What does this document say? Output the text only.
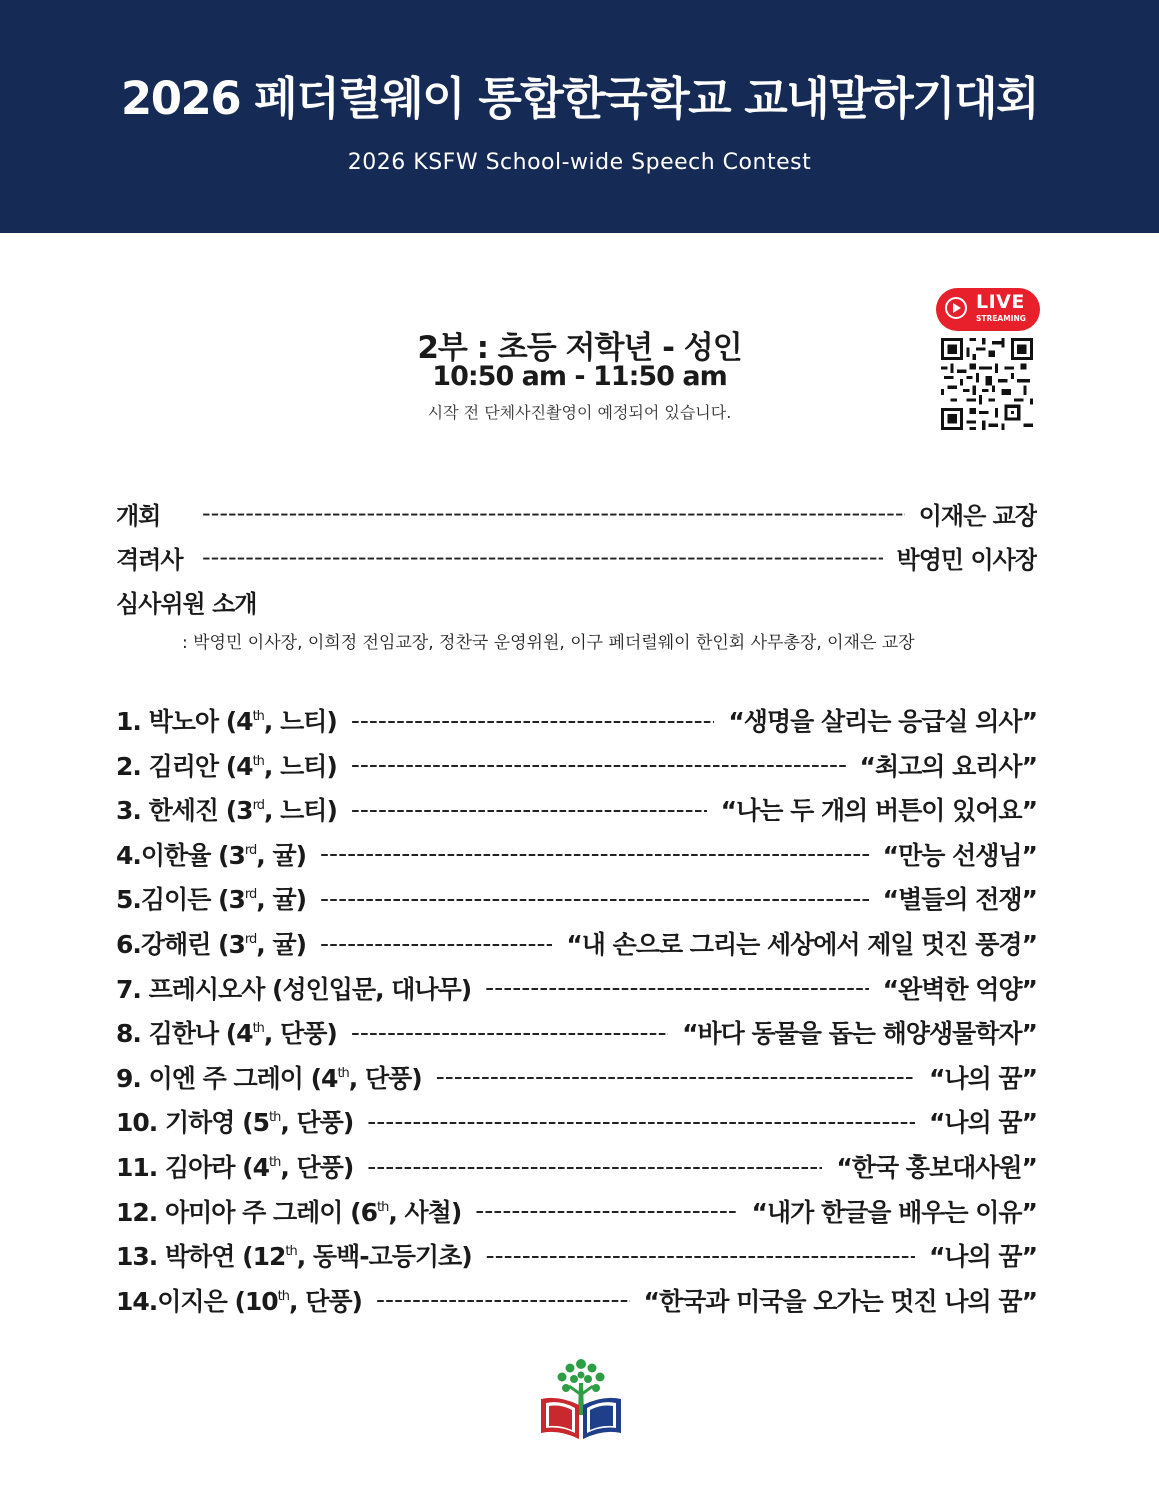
2026 페더럴웨이 통합한국학교 교내말하기대회
2026 KSFW School-wide Speech Contest
2부 : 초등 저학년 - 성인
10:50 am - 11:50 am
시작 전 단체사진촬영이 예정되어 있습니다.
LIVE
STREAMING
개회 -----	이재은 교장
격려사 -----	박영민 이사장
심사위원 소개
: 박영민 이사장, 이희정 전임교장, 정찬국 운영위원, 이구 페더럴웨이 한인회 사무총장, 이재은 교장
1. 박노아 (4th, 느티) -----	“생명을 살리는 응급실 의사”
2. 김리안 (4th, 느티) -----	“최고의 요리사”
3. 한세진 (3rd, 느티) -----	“나는 두 개의 버튼이 있어요”
4.이한율 (3rd, 귤) -----	“만능 선생님”
5.김이든 (3rd, 귤) -----	“별들의 전쟁”
6.강해린 (3rd, 귤) -----	“내 손으로 그리는 세상에서 제일 멋진 풍경”
7. 프레시오사 (성인입문, 대나무) -----	“완벽한 억양”
8. 김한나 (4th, 단풍) -----	“바다 동물을 돕는 해양생물학자”
9. 이엔 주 그레이 (4th, 단풍) -----	“나의 꿈”
10. 기하영 (5th, 단풍) -----	“나의 꿈”
11. 김아라 (4th, 단풍) -----	“한국 홍보대사원”
12. 아미아 주 그레이 (6th, 사철) -----	“내가 한글을 배우는 이유”
13. 박하연 (12th, 동백-고등기초) -----	“나의 꿈”
14.이지은 (10th, 단풍) -----	“한국과 미국을 오가는 멋진 나의 꿈”
